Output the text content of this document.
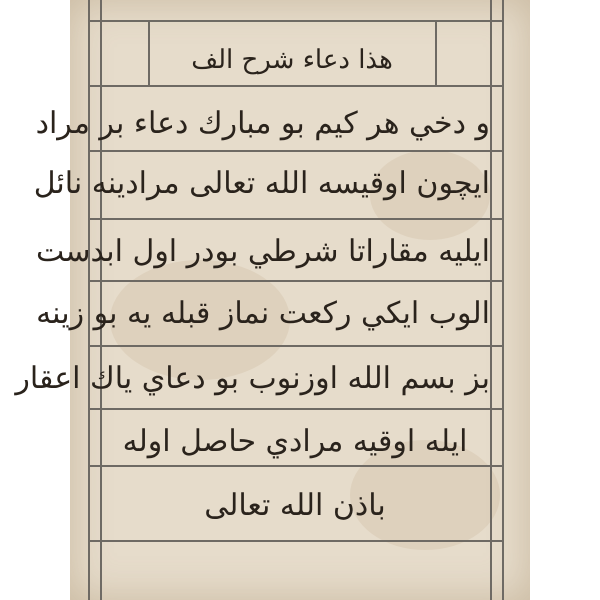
هذا دعاء شرح الف
و دخي هر كيم بو مبارك دعاء بر مراد
ايچون اوقيسه الله تعالى مرادينه نائل
ايليه مقاراتا شرطي بودر اول ابدست
الوب ايكي ركعت نماز قبله يه بو زينه
بز بسم الله اوزنوب بو دعاي ياك اعقار
ايله اوقيه مرادي حاصل اوله
باذن الله تعالى
